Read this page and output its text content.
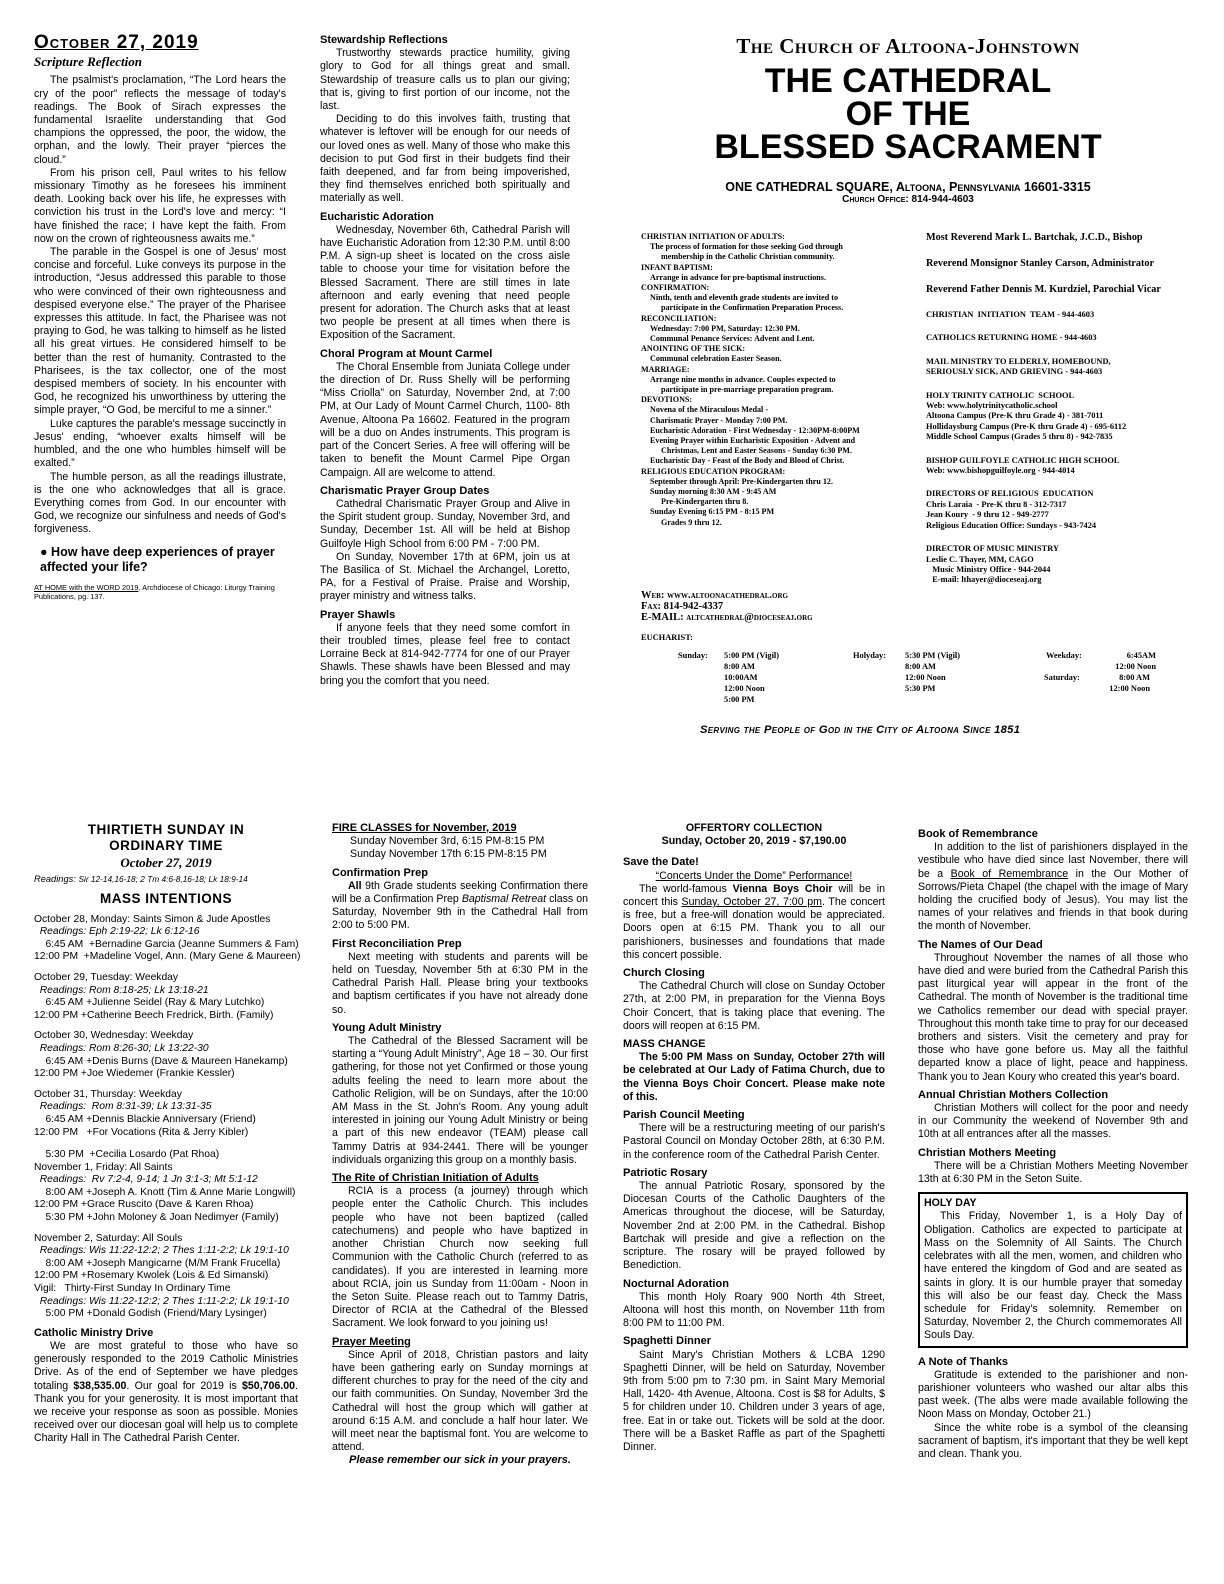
October 27, 2019
Scripture Reflection

The psalmist's proclamation, “The Lord hears the cry of the poor” reflects the message of today's readings. The Book of Sirach expresses the fundamental Israelite understanding that God champions the oppressed, the poor, the widow, the orphan, and the lowly. Their prayer “pierces the cloud.”

From his prison cell, Paul writes to his fellow missionary Timothy as he foresees his imminent death. Looking back over his life, he expresses with conviction his trust in the Lord's love and mercy: “I have finished the race; I have kept the faith. From now on the crown of righteousness awaits me.”

The parable in the Gospel is one of Jesus' most concise and forceful. Luke conveys its purpose in the introduction, “Jesus addressed this parable to those who were convinced of their own righteousness and despised everyone else.” The prayer of the Pharisee expresses this attitude. In fact, the Pharisee was not praying to God, he was talking to himself as he listed all his great virtues. He considered himself to be better than the rest of humanity. Contrasted to the Pharisees, is the tax collector, one of the most despised members of society. In his encounter with God, he recognized his unworthiness by uttering the simple prayer, “O God, be merciful to me a sinner.”

Luke captures the parable's message succinctly in Jesus' ending, “whoever exalts himself will be humbled, and the one who humbles himself will be exalted.”

The humble person, as all the readings illustrate, is the one who acknowledges that all is grace. Everything comes from God. In our encounter with God, we recognize our sinfulness and needs of God's forgiveness.

● How have deep experiences of prayer affected your life?
AT HOME with the WORD 2019, Archdiocese of Chicago: Liturgy Training Publications, pg. 137.
Stewardship Reflections

Trustworthy stewards practice humility, giving glory to God for all things great and small. Stewardship of treasure calls us to plan our giving; that is, giving to first portion of our income, not the last.

Deciding to do this involves faith, trusting that whatever is leftover will be enough for our needs of our loved ones as well. Many of those who make this decision to put God first in their budgets find their faith deepened, and far from being impoverished, they find themselves enriched both spiritually and materially as well.

Eucharistic Adoration

Wednesday, November 6th, Cathedral Parish will have Eucharistic Adoration from 12:30 P.M. until 8:00 P.M. A sign-up sheet is located on the cross aisle table to choose your time for visitation before the Blessed Sacrament. There are still times in late afternoon and early evening that need people present for adoration. The Church asks that at least two people be present at all times when there is Exposition of the Sacrament.

Choral Program at Mount Carmel

The Choral Ensemble from Juniata College under the direction of Dr. Russ Shelly will be performing “Miss Criolla” on Saturday, November 2nd, at 7:00 PM, at Our Lady of Mount Carmel Church, 1100- 8th Avenue, Altoona Pa 16602. Featured in the program will be a duo on Andes instruments. This program is part of the Concert Series. A free will offering will be taken to benefit the Mount Carmel Pipe Organ Campaign. All are welcome to attend.

Charismatic Prayer Group Dates

Cathedral Charismatic Prayer Group and Alive in the Spirit student group. Sunday, November 3rd, and Sunday, December 1st. All will be held at Bishop Guilfoyle High School from 6:00 PM - 7:00 PM.

On Sunday, November 17th at 6PM, join us at The Basilica of St. Michael the Archangel, Loretto, PA, for a Festival of Praise. Praise and Worship, prayer ministry and witness talks.

Prayer Shawls

If anyone feels that they need some comfort in their troubled times, please feel free to contact Lorraine Beck at 814-942-7774 for one of our Prayer Shawls. These shawls have been Blessed and may bring you the comfort that you need.

The Church of Altoona-Johnstown
THE CATHEDRAL
OF THE
BLESSED SACRAMENT
ONE CATHEDRAL SQUARE, Altoona, Pennsylvania 16601-3315
Church Office: 814-944-4603
CHRISTIAN INITIATION OF ADULTS:
The process of formation for those seeking God through
membership in the Catholic Christian community.
INFANT BAPTISM:
Arrange in advance for pre-baptismal instructions.
CONFIRMATION:
Ninth, tenth and eleventh grade students are invited to
participate in the Confirmation Preparation Process.
RECONCILIATION:
Wednesday: 7:00 PM, Saturday: 12:30 PM.
Communal Penance Services: Advent and Lent.
ANOINTING OF THE SICK:
Communal celebration Easter Season.
MARRIAGE:
Arrange nine months in advance. Couples expected to
participate in pre-marriage preparation program.
DEVOTIONS:
Novena of the Miraculous Medal -
Charismatic Prayer - Monday 7:00 PM.
Eucharistic Adoration - First Wednesday - 12:30PM-8:00PM
Evening Prayer within Eucharistic Exposition - Advent and
Christmas, Lent and Easter Seasons - Sunday 6:30 PM.
Eucharistic Day - Feast of the Body and Blood of Christ.
RELIGIOUS EDUCATION PROGRAM:
September through April: Pre-Kindergarten thru 12.
Sunday morning 8:30 AM - 9:45 AM
Pre-Kindergarten thru 8.
Sunday Evening 6:15 PM - 8:15 PM
Grades 9 thru 12.
Web: www.altoonacathedral.org
Fax: 814-942-4337
E-MAIL: altcathedral@dioceseaj.org
Most Reverend Mark L. Bartchak, J.C.D., Bishop
Reverend Monsignor Stanley Carson, Administrator
Reverend Father Dennis M. Kurdziel, Parochial Vicar
CHRISTIAN  INITIATION  TEAM - 944-4603
CATHOLICS RETURNING HOME - 944-4603
MAIL MINISTRY TO ELDERLY, HOMEBOUND,
SERIOUSLY SICK, AND GRIEVING - 944-4603
HOLY TRINITY CATHOLIC  SCHOOL
Web: www.holytrinitycatholic.school
Altoona Campus (Pre-K thru Grade 4) - 381-7011
Hollidaysburg Campus (Pre-K thru Grade 4) - 695-6112
Middle School Campus (Grades 5 thru 8) - 942-7835
BISHOP GUILFOYLE CATHOLIC HIGH SCHOOL
Web: www.bishopguilfoyle.org - 944-4014
DIRECTORS OF RELIGIOUS  EDUCATION
Chris Laraia  - Pre-K thru 8 - 312-7317
Jean Koury  - 9 thru 12 - 949-2777
Religious Education Office: Sundays - 943-7424
DIRECTOR OF MUSIC MINISTRY
Leslie C. Thayer, MM, CAGO
Music Ministry Office - 944-2044
E-mail: lthayer@dioceseaj.org
EUCHARIST:
Sunday: 5:00 PM (Vigil)
8:00 AM
10:00AM
12:00 Noon
5:00 PM
Holyday: 5:30 PM (Vigil)
8:00 AM
12:00 Noon
5:30 PM
Weekday:	6:45AM
12:00 Noon
Saturday:	8:00 AM
12:00 Noon
Serving the People of God in the City of Altoona Since 1851
THIRTIETH SUNDAY IN ORDINARY TIME
October 27, 2019
Readings: Sir 12-14,16-18; 2 Tm 4:6-8,16-18; Lk 18:9-14
MASS INTENTIONS
October 28, Monday: Saints Simon & Jude Apostles
Readings: Eph 2:19-22; Lk 6:12-16
6:45 AM  +Bernadine Garcia (Jeanne Summers & Fam)
12:00 PM  +Madeline Vogel, Ann. (Mary Gene & Maureen)
October 29, Tuesday: Weekday
Readings: Rom 8:18-25; Lk 13:18-21
6:45 AM +Julienne Seidel (Ray & Mary Lutchko)
12:00 PM +Catherine Beech Fredrick, Birth. (Family)
October 30, Wednesday: Weekday
Readings: Rom 8:26-30; Lk 13:22-30
6:45 AM +Denis Burns (Dave & Maureen Hanekamp)
12:00 PM +Joe Wiedemer (Frankie Kessler)
October 31, Thursday: Weekday
Readings:  Rom 8:31-39; Lk 13:31-35
6:45 AM +Dennis Blackie Anniversary (Friend)
12:00 PM   +For Vocations (Rita & Jerry Kibler)
5:30 PM  +Cecilia Losardo (Pat Rhoa)
November 1, Friday: All Saints
Readings:  Rv 7:2-4, 9-14; 1 Jn 3:1-3; Mt 5:1-12
8:00 AM +Joseph A. Knott (Tim & Anne Marie Longwill)
12:00 PM +Grace Ruscito (Dave & Karen Rhoa)
5:30 PM +John Moloney & Joan Nedimyer (Family)
November 2, Saturday: All Souls
Readings: Wis 11:22-12:2; 2 Thes 1:11-2:2; Lk 19:1-10
8:00 AM +Joseph Mangicarne (M/M Frank Frucella)
12:00 PM +Rosemary Kwolek (Lois & Ed Simanski)
Vigil:   Thirty-First Sunday In Ordinary Time
Readings: Wis 11:22-12:2; 2 Thes 1:11-2:2; Lk 19:1-10
5:00 PM +Donald Godish (Friend/Mary Lysinger)
Catholic Ministry Drive

We are most grateful to those who have so generously responded to the 2019 Catholic Ministries Drive. As of the end of September we have pledges totaling $38,535.00. Our goal for 2019 is $50,706.00. Thank you for your generosity. It is most important that we receive your response as soon as possible. Monies received over our diocesan goal will help us to complete Charity Hall in The Cathedral Parish Center.

FIRE CLASSES for November, 2019
Sunday November 3rd, 6:15 PM-8:15 PM
Sunday November 17th 6:15 PM-8:15 PM
Confirmation Prep

All 9th Grade students seeking Confirmation there will be a Confirmation Prep Baptismal Retreat class on Saturday, November 9th in the Cathedral Hall from 2:00 to 5:00 PM.

First Reconciliation Prep

Next meeting with students and parents will be held on Tuesday, November 5th at 6:30 PM in the Cathedral Parish Hall. Please bring your textbooks and baptism certificates if you have not already done so.

Young Adult Ministry

The Cathedral of the Blessed Sacrament will be starting a “Young Adult Ministry”, Age 18 – 30. Our first gathering, for those not yet Confirmed or those young adults feeling the need to learn more about the Catholic Religion, will be on Sundays, after the 10:00 AM Mass in the St. John's Room. Any young adult interested in joining our Young Adult Ministry or being a part of this new endeavor (TEAM) please call Tammy Datris at 934-2441. There will be younger individuals organizing this group on a monthly basis.

The Rite of Christian Initiation of Adults

RCIA is a process (a journey) through which people enter the Catholic Church. This includes people who have not been baptized (called catechumens) and people who have baptized in another Christian Church now seeking full Communion with the Catholic Church (referred to as candidates). If you are interested in learning more about RCIA, join us Sunday from 11:00am - Noon in the Seton Suite. Please reach out to Tammy Datris, Director of RCIA at the Cathedral of the Blessed Sacrament. We look forward to you joining us!

Prayer Meeting

Since April of 2018, Christian pastors and laity have been gathering early on Sunday mornings at different churches to pray for the need of the city and our faith communities. On Sunday, November 3rd the Cathedral will host the group which will gather at around 6:15 A.M. and conclude a half hour later. We will meet near the baptismal font. You are welcome to attend.

Please remember our sick in your prayers.
OFFERTORY COLLECTION
Sunday, October 20, 2019 - $7,190.00
Save the Date!
“Concerts Under the Dome” Performance!

The world-famous Vienna Boys Choir will be in concert this Sunday, October 27, 7:00 pm. The concert is free, but a free-will donation would be appreciated. Doors open at 6:15 PM. Thank you to all our parishioners, businesses and foundations that made this concert possible.

Church Closing

The Cathedral Church will close on Sunday October 27th, at 2:00 PM, in preparation for the Vienna Boys Choir Concert, that is taking place that evening. The doors will reopen at 6:15 PM.

MASS CHANGE

The 5:00 PM Mass on Sunday, October 27th will be celebrated at Our Lady of Fatima Church, due to the Vienna Boys Choir Concert. Please make note of this.

Parish Council Meeting

There will be a restructuring meeting of our parish's Pastoral Council on Monday October 28th, at 6:30 P.M. in the conference room of the Cathedral Parish Center.

Patriotic Rosary

The annual Patriotic Rosary, sponsored by the Diocesan Courts of the Catholic Daughters of the Americas throughout the diocese, will be Saturday, November 2nd at 2:00 PM. in the Cathedral. Bishop Bartchak will preside and give a reflection on the scripture. The rosary will be prayed followed by Benediction.

Nocturnal Adoration

This month Holy Roary 900 North 4th Street, Altoona will host this month, on November 11th from 8:00 PM to 11:00 PM.

Spaghetti Dinner

Saint Mary's Christian Mothers & LCBA 1290 Spaghetti Dinner, will be held on Saturday, November 9th from 5:00 pm to 7:30 pm. in Saint Mary Memorial Hall, 1420- 4th Avenue, Altoona. Cost is $8 for Adults, $ 5 for children under 10. Children under 3 years of age, free. Eat in or take out. Tickets will be sold at the door. There will be a Basket Raffle as part of the Spaghetti Dinner.

Book of Remembrance

In addition to the list of parishioners displayed in the vestibule who have died since last November, there will be a Book of Remembrance in the Our Mother of Sorrows/Pieta Chapel (the chapel with the image of Mary holding the crucified body of Jesus). You may list the names of your relatives and friends in that book during the month of November.

The Names of Our Dead

Throughout November the names of all those who have died and were buried from the Cathedral Parish this past liturgical year will appear in the front of the Cathedral. The month of November is the traditional time we Catholics remember our dead with special prayer. Throughout this month take time to pray for our deceased brothers and sisters. Visit the cemetery and pray for those who have gone before us. May all the faithful departed know a place of light, peace and happiness. Thank you to Jean Koury who created this year's board.

Annual Christian Mothers Collection

Christian Mothers will collect for the poor and needy in our Community the weekend of November 9th and 10th at all entrances after all the masses.

Christian Mothers Meeting

There will be a Christian Mothers Meeting November 13th at 6:30 PM in the Seton Suite.

HOLY DAY

This Friday, November 1, is a Holy Day of Obligation. Catholics are expected to participate at Mass on the Solemnity of All Saints. The Church celebrates with all the men, women, and children who have entered the kingdom of God and are seated as saints in glory. It is our humble prayer that someday this will also be our feast day. Check the Mass schedule for Friday's solemnity. Remember on Saturday, November 2, the Church commemorates All Souls Day.

A Note of Thanks

Gratitude is extended to the parishioner and non-parishioner volunteers who washed our altar albs this past week. (The albs were made available following the Noon Mass on Monday, October 21.)

Since the white robe is a symbol of the cleansing sacrament of baptism, it's important that they be well kept and clean. Thank you.
